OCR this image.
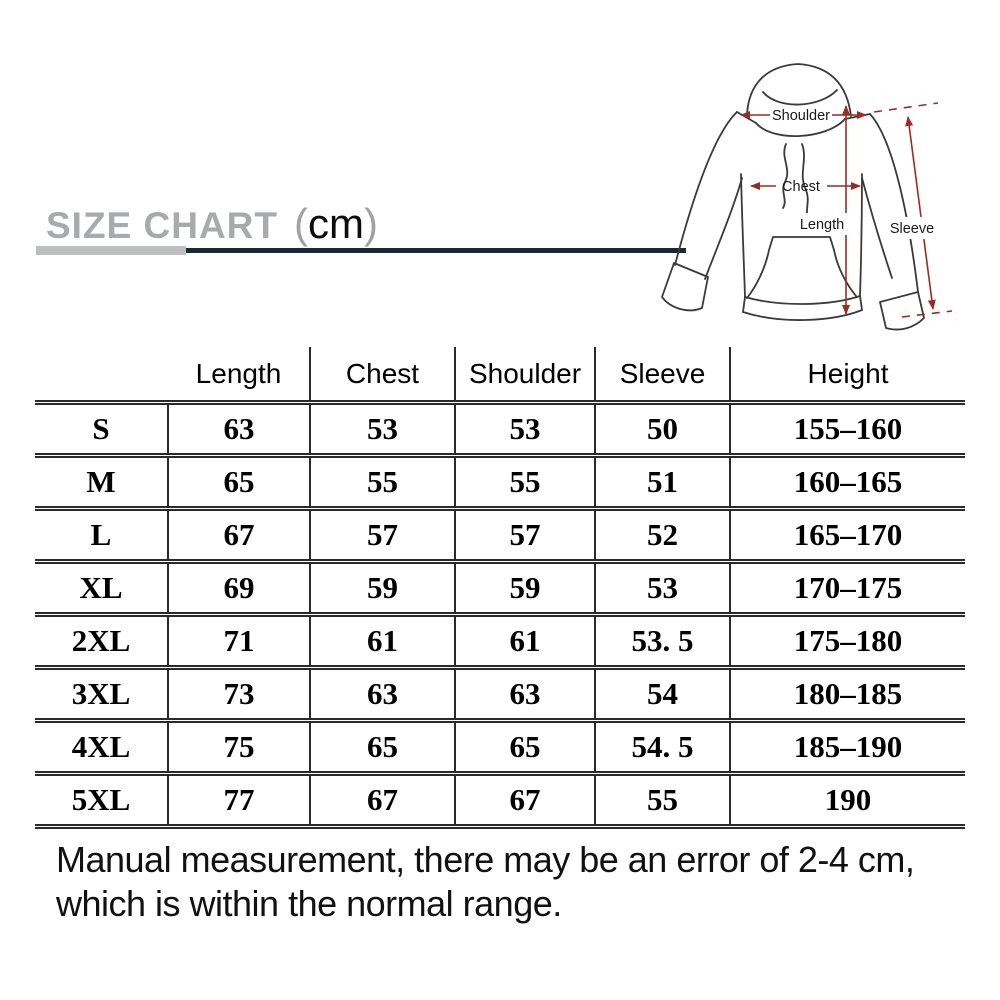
SIZE CHART (cm)
Shoulder
Chest
Length	Sleeve
	Length	Chest	Shoulder	Sleeve	Height
S	63	53	53	50	155–160
M	65	55	55	51	160–165
L	67	57	57	52	165–170
XL	69	59	59	53	170–175
2XL	71	61	61	53. 5	175–180
3XL	73	63	63	54	180–185
4XL	75	65	65	54. 5	185–190
5XL	77	67	67	55	190
Manual measurement, there may be an error of 2-4 cm,
which is within the normal range.
